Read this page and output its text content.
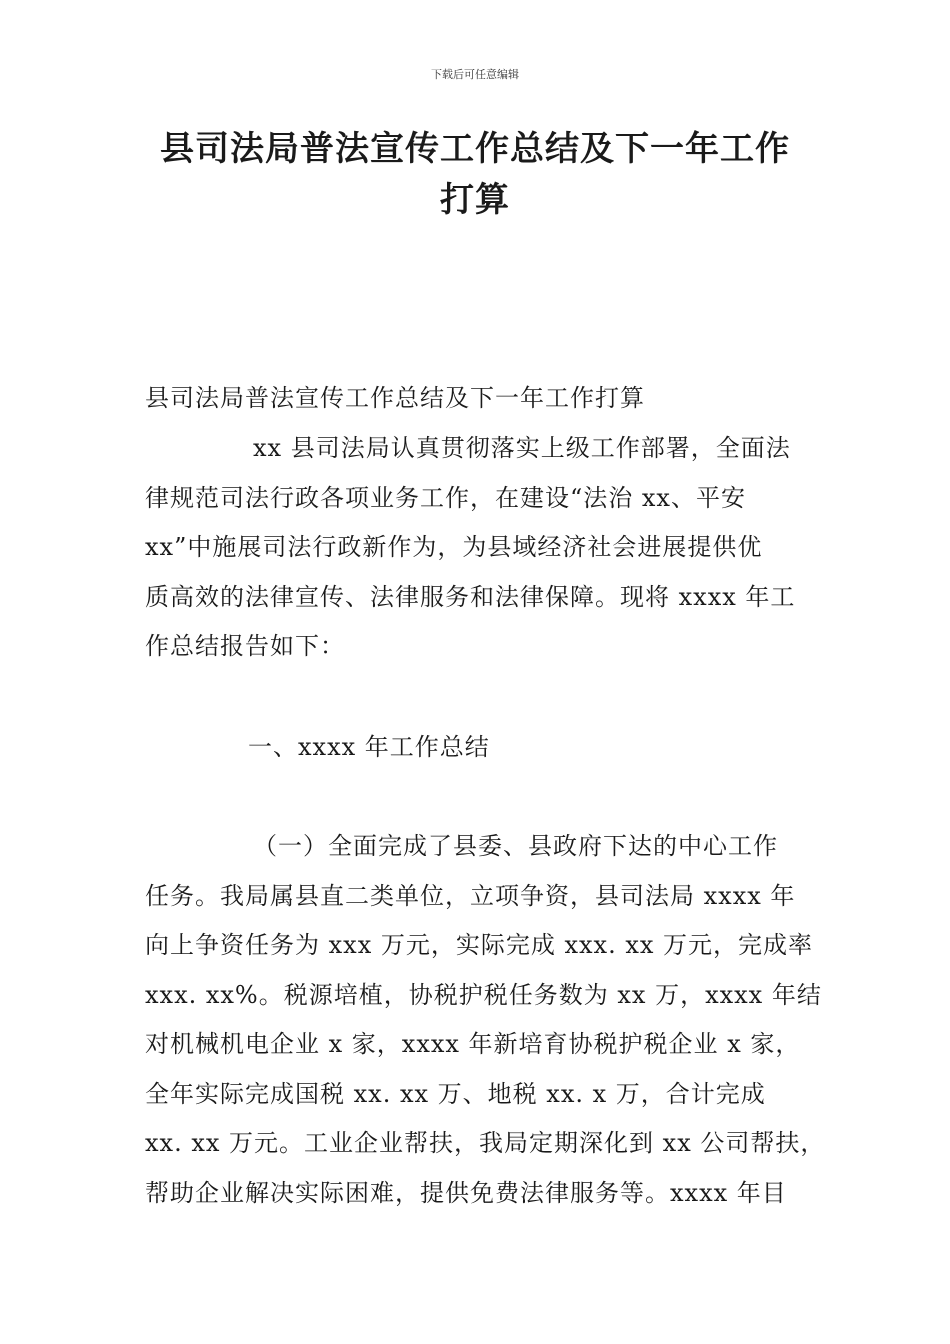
下载后可任意编辑
县司法局普法宣传工作总结及下一年工作
打算
县司法局普法宣传工作总结及下一年工作打算
xx 县司法局认真贯彻落实上级工作部署，全面法
律规范司法行政各项业务工作，在建设“法治 xx、平安
xx”中施展司法行政新作为，为县域经济社会进展提供优
质高效的法律宣传、法律服务和法律保障。现将 xxxx 年工
作总结报告如下：
一、xxxx 年工作总结
（一）全面完成了县委、县政府下达的中心工作
任务。我局属县直二类单位，立项争资，县司法局 xxxx 年
向上争资任务为 xxx 万元，实际完成 xxx. xx 万元，完成率
xxx. xx%。税源培植，协税护税任务数为 xx 万，xxxx 年结
对机械机电企业 x 家，xxxx 年新培育协税护税企业 x 家，
全年实际完成国税 xx. xx 万、地税 xx. x 万，合计完成
xx. xx 万元。工业企业帮扶，我局定期深化到 xx 公司帮扶，
帮助企业解决实际困难，提供免费法律服务等。xxxx 年目
